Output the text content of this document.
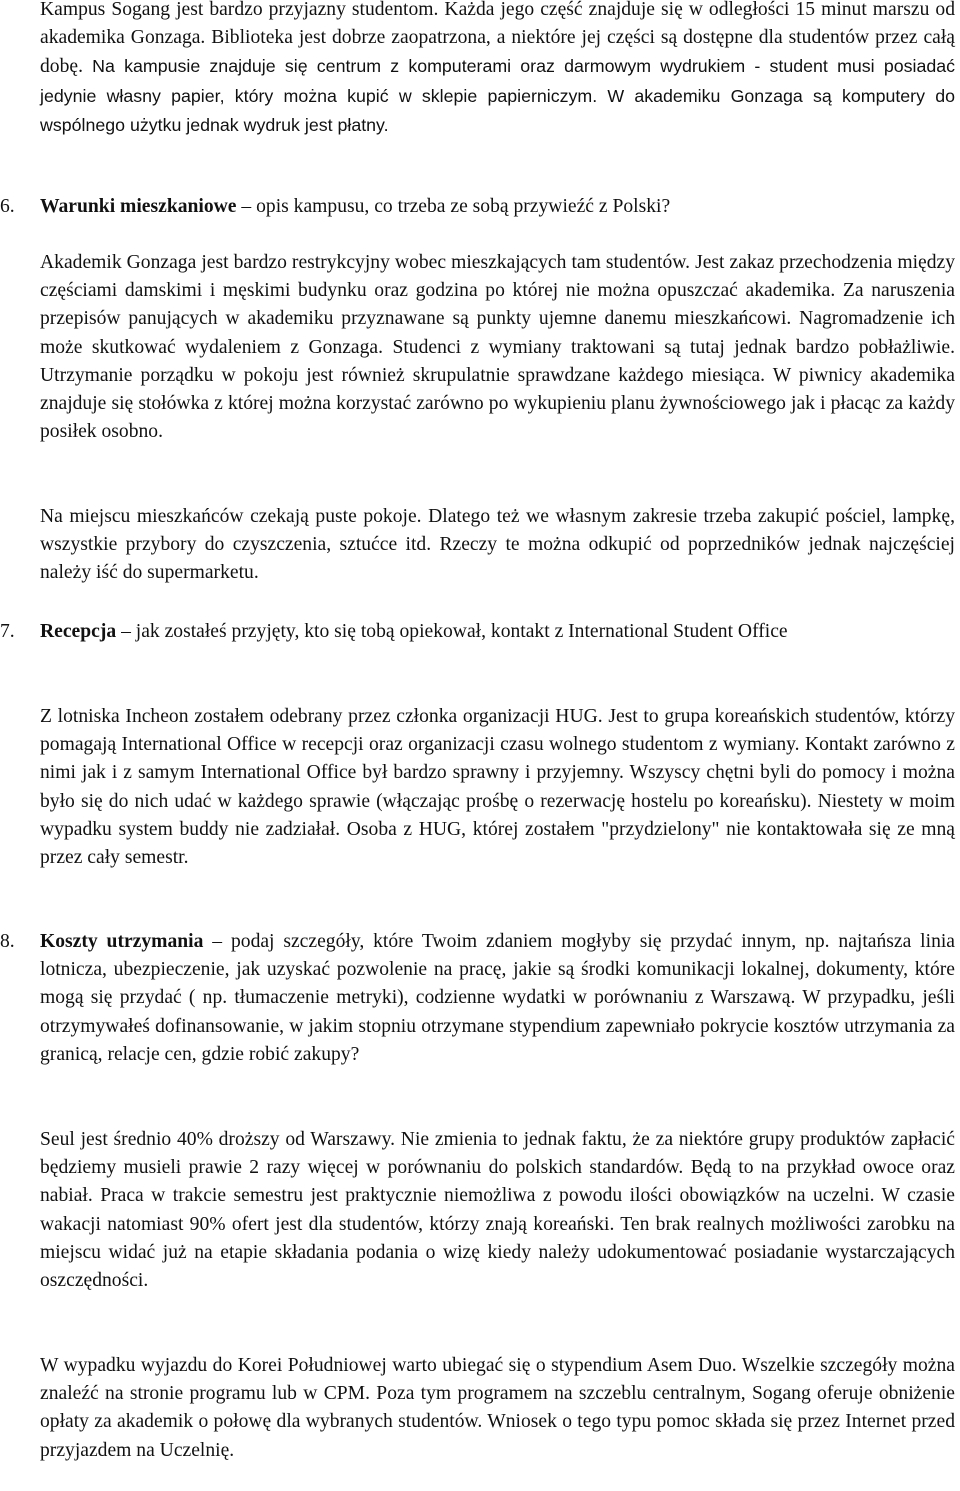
Kampus Sogang jest bardzo przyjazny studentom. Każda jego część znajduje się w odległości 15 minut marszu od akademika Gonzaga. Biblioteka jest dobrze zaopatrzona, a niektóre jej części są dostępne dla studentów przez całą dobę. Na kampusie znajduje się centrum z komputerami oraz darmowym wydrukiem - student musi posiadać jedynie własny papier, który można kupić w sklepie papierniczym. W akademiku Gonzaga są komputery do wspólnego użytku jednak wydruk jest płatny.

6. Warunki mieszkaniowe – opis kampusu, co trzeba ze sobą przywieźć z Polski?

Akademik Gonzaga jest bardzo restrykcyjny wobec mieszkających tam studentów. Jest zakaz przechodzenia między częściami damskimi i męskimi budynku oraz godzina po której nie można opuszczać akademika. Za naruszenia przepisów panujących w akademiku przyznawane są punkty ujemne danemu mieszkańcowi. Nagromadzenie ich może skutkować wydaleniem z Gonzaga. Studenci z wymiany traktowani są tutaj jednak bardzo pobłażliwie. Utrzymanie porządku w pokoju jest również skrupulatnie sprawdzane każdego miesiąca. W piwnicy akademika znajduje się stołówka z której można korzystać zarówno po wykupieniu planu żywnościowego jak i płacąc za każdy posiłek osobno.

Na miejscu mieszkańców czekają puste pokoje. Dlatego też we własnym zakresie trzeba zakupić pościel, lampkę, wszystkie przybory do czyszczenia, sztućce itd. Rzeczy te można odkupić od poprzedników jednak najczęściej należy iść do supermarketu.

7. Recepcja – jak zostałeś przyjęty, kto się tobą opiekował, kontakt z International Student Office

Z lotniska Incheon zostałem odebrany przez członka organizacji HUG. Jest to grupa koreańskich studentów, którzy pomagają International Office w recepcji oraz organizacji czasu wolnego studentom z wymiany. Kontakt zarówno z nimi jak i z samym International Office był bardzo sprawny i przyjemny. Wszyscy chętni byli do pomocy i można było się do nich udać w każdego sprawie (włączając prośbę o rezerwację hostelu po koreańsku). Niestety w moim wypadku system buddy nie zadziałał. Osoba z HUG, której zostałem "przydzielony" nie kontaktowała się ze mną przez cały semestr.

8. Koszty utrzymania – podaj szczegóły, które Twoim zdaniem mogłyby się przydać innym, np. najtańsza linia lotnicza, ubezpieczenie, jak uzyskać pozwolenie na pracę, jakie są środki komunikacji lokalnej, dokumenty, które mogą się przydać ( np. tłumaczenie metryki), codzienne wydatki w porównaniu z Warszawą. W przypadku, jeśli otrzymywałeś dofinansowanie, w jakim stopniu otrzymane stypendium zapewniało pokrycie kosztów utrzymania za granicą, relacje cen, gdzie robić zakupy?

Seul jest średnio 40% droższy od Warszawy. Nie zmienia to jednak faktu, że za niektóre grupy produktów zapłacić będziemy musieli prawie 2 razy więcej w porównaniu do polskich standardów. Będą to na przykład owoce oraz nabiał. Praca w trakcie semestru jest praktycznie niemożliwa z powodu ilości obowiązków na uczelni. W czasie wakacji natomiast 90% ofert jest dla studentów, którzy znają koreański. Ten brak realnych możliwości zarobku na miejscu widać już na etapie składania podania o wizę kiedy należy udokumentować posiadanie wystarczających oszczędności.

W wypadku wyjazdu do Korei Południowej warto ubiegać się o stypendium Asem Duo. Wszelkie szczegóły można znaleźć na stronie programu lub w CPM. Poza tym programem na szczeblu centralnym, Sogang oferuje obniżenie opłaty za akademik o połowę dla wybranych studentów. Wniosek o tego typu pomoc składa się przez Internet przed przyjazdem na Uczelnię.
